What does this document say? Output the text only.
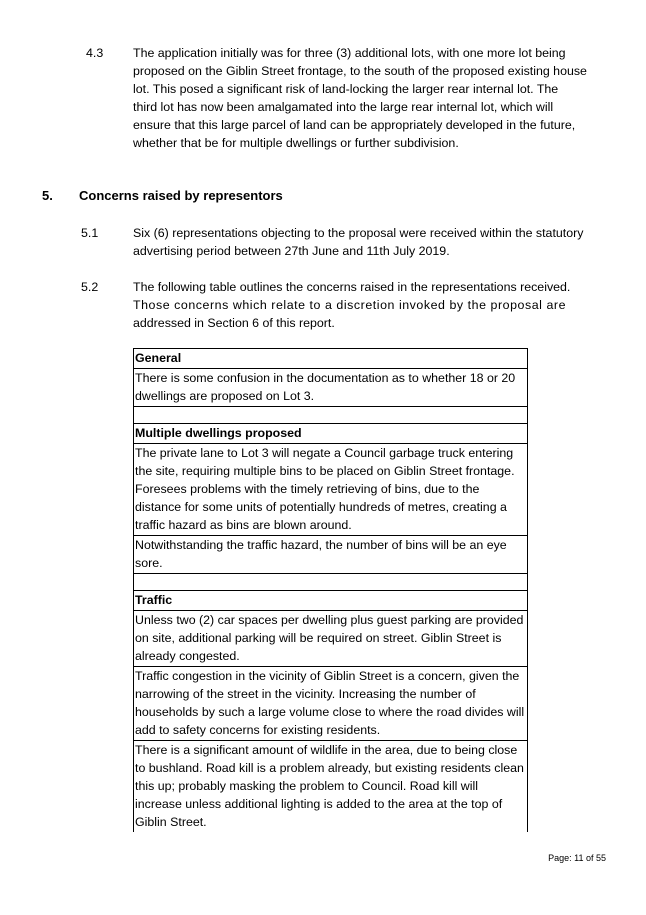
4.3 The application initially was for three (3) additional lots, with one more lot being
proposed on the Giblin Street frontage, to the south of the proposed existing house
lot. This posed a significant risk of land-locking the larger rear internal lot. The
third lot has now been amalgamated into the large rear internal lot, which will
ensure that this large parcel of land can be appropriately developed in the future,
whether that be for multiple dwellings or further subdivision.
5. Concerns raised by representors
5.1	Six (6) representations objecting to the proposal were received within the statutory
advertising period between 27th June and 11th July 2019.
5.2	The following table outlines the concerns raised in the representations received.
Those concerns which relate to a discretion invoked by the proposal are
addressed in Section 6 of this report.
General
There is some confusion in the documentation as to whether 18 or 20 dwellings are proposed on Lot 3.

Multiple dwellings proposed
The private lane to Lot 3 will negate a Council garbage truck entering the site, requiring multiple bins to be placed on Giblin Street frontage. Foresees problems with the timely retrieving of bins, due to the distance for some units of potentially hundreds of metres, creating a traffic hazard as bins are blown around.
Notwithstanding the traffic hazard, the number of bins will be an eye sore.

Traffic
Unless two (2) car spaces per dwelling plus guest parking are provided on site, additional parking will be required on street. Giblin Street is already congested.
Traffic congestion in the vicinity of Giblin Street is a concern, given the narrowing of the street in the vicinity. Increasing the number of households by such a large volume close to where the road divides will add to safety concerns for existing residents.
There is a significant amount of wildlife in the area, due to being close to bushland. Road kill is a problem already, but existing residents clean this up; probably masking the problem to Council. Road kill will increase unless additional lighting is added to the area at the top of Giblin Street.
Page: 11 of 55
